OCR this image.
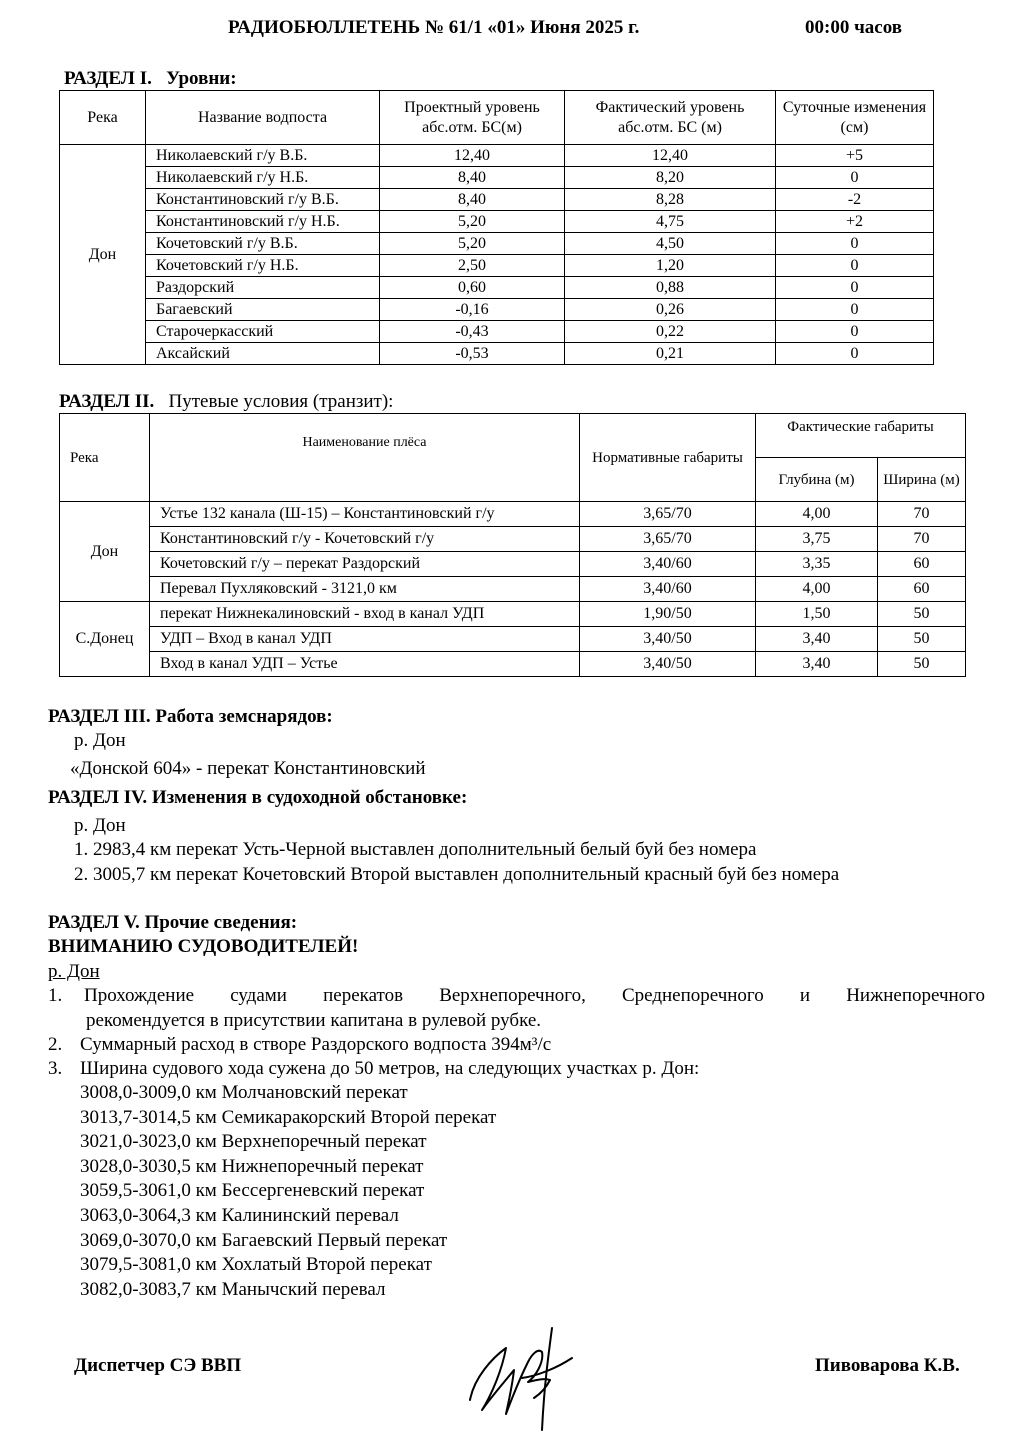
РАДИОБЮЛЛЕТЕНЬ № 61/1 «01» Июня 2025 г.	00:00 часов
РАЗДЕЛ I. Уровни:
Река	Название водпоста	Проектный уровень абс.отм. БС(м)	Фактический уровень абс.отм. БС (м)	Суточные изменения (см)
Дон	Николаевский г/у В.Б.	12,40	12,40	+5
	Николаевский г/у Н.Б.	8,40	8,20	0
	Константиновский г/у В.Б.	8,40	8,28	-2
	Константиновский г/у Н.Б.	5,20	4,75	+2
	Кочетовский г/у В.Б.	5,20	4,50	0
	Кочетовский г/у Н.Б.	2,50	1,20	0
	Раздорский	0,60	0,88	0
	Багаевский	-0,16	0,26	0
	Старочеркасский	-0,43	0,22	0
	Аксайский	-0,53	0,21	0
РАЗДЕЛ II. Путевые условия (транзит):
Река	Наименование плёса	Нормативные габариты	Фактические габариты	
			Глубина (м)	Ширина (м)
Дон	Устье 132 канала (Ш-15) – Константиновский г/у	3,65/70	4,00	70
	Константиновский г/у - Кочетовский г/у	3,65/70	3,75	70
	Кочетовский г/у – перекат Раздорский	3,40/60	3,35	60
	Перевал Пухляковский - 3121,0 км	3,40/60	4,00	60
С.Донец	перекат Нижнекалиновский - вход в канал УДП	1,90/50	1,50	50
	УДП – Вход в канал УДП	3,40/50	3,40	50
	Вход в канал УДП – Устье	3,40/50	3,40	50
РАЗДЕЛ III. Работа земснарядов:
р. Дон
«Донской 604» - перекат Константиновский
РАЗДЕЛ IV. Изменения в судоходной обстановке:
р. Дон
1. 2983,4 км перекат Усть-Черной выставлен дополнительный белый буй без номера
2. 3005,7 км перекат Кочетовский Второй выставлен дополнительный красный буй без номера
РАЗДЕЛ V. Прочие сведения:
ВНИМАНИЮ СУДОВОДИТЕЛЕЙ!
р. Дон
1. Прохождение судами перекатов Верхнепоречного, Среднепоречного и Нижнепоречного
рекомендуется в присутствии капитана в рулевой рубке.
2. Суммарный расход в створе Раздорского водпоста 394м³/с
3. Ширина судового хода сужена до 50 метров, на следующих участках р. Дон:
3008,0-3009,0 км Молчановский перекат
3013,7-3014,5 км Семикаракорский Второй перекат
3021,0-3023,0 км Верхнепоречный перекат
3028,0-3030,5 км Нижнепоречный перекат
3059,5-3061,0 км Бессергеневский перекат
3063,0-3064,3 км Калининский перевал
3069,0-3070,0 км Багаевский Первый перекат
3079,5-3081,0 км Хохлатый Второй перекат
3082,0-3083,7 км Манычский перевал
Диспетчер СЭ ВВП	Пивоварова К.В.
